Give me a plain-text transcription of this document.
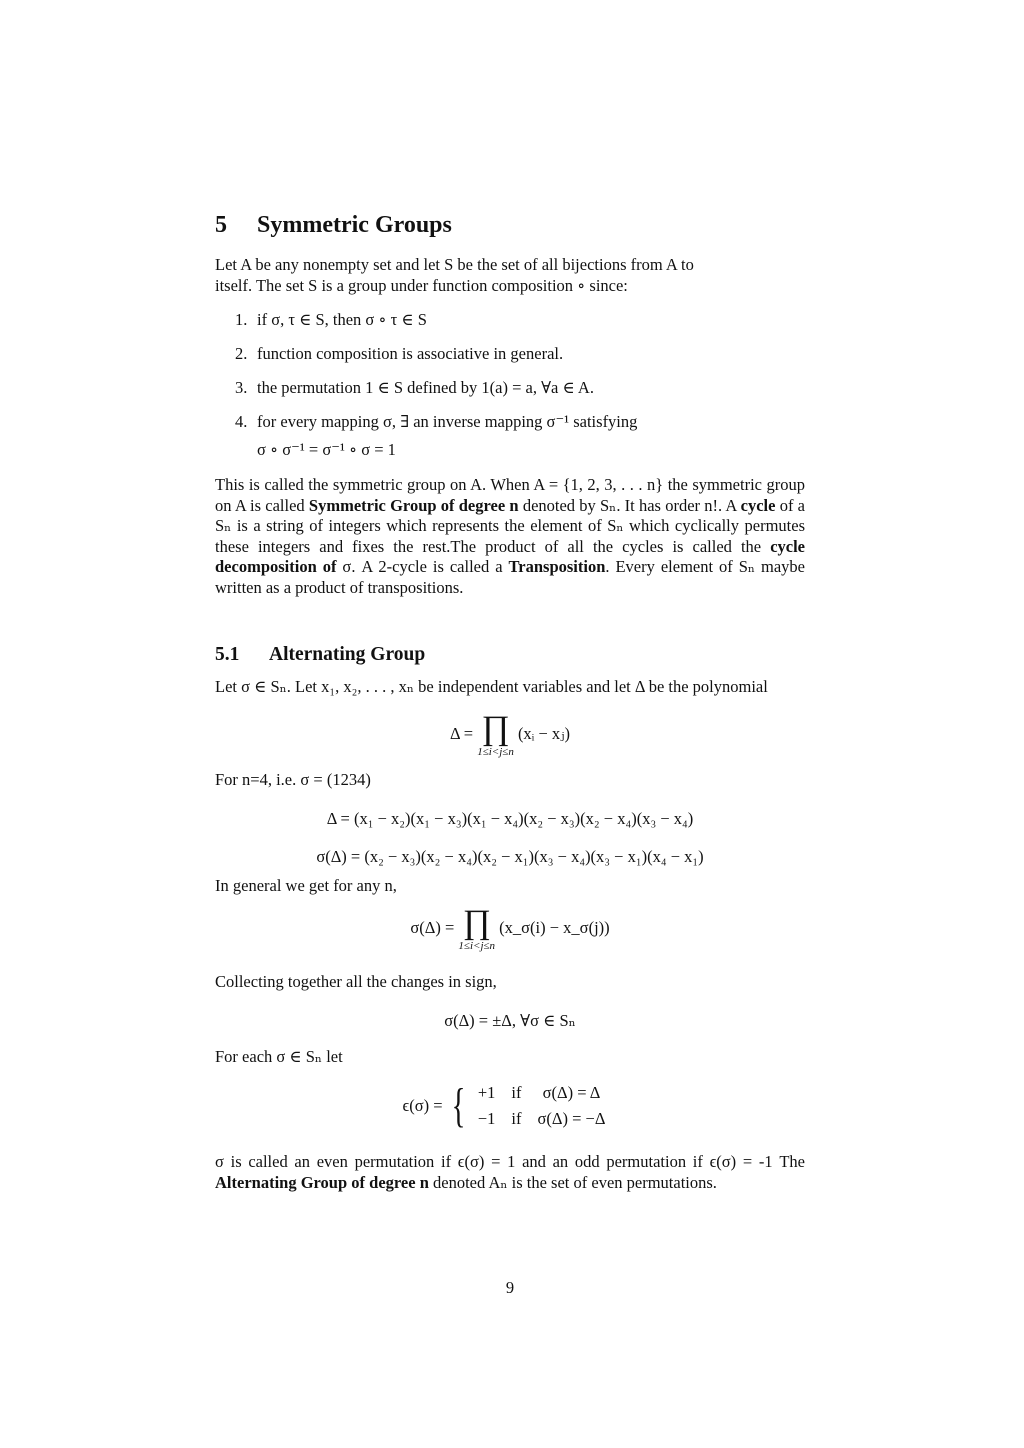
5 Symmetric Groups
Let A be any nonempty set and let S be the set of all bijections from A to
itself. The set S is a group under function composition ∘ since:
1. if σ, τ ∈ S, then σ ∘ τ ∈ S
2. function composition is associative in general.
3. the permutation 1 ∈ S defined by 1(a) = a, ∀a ∈ A.
4. for every mapping σ, ∃ an inverse mapping σ⁻¹ satisfying
σ ∘ σ⁻¹ = σ⁻¹ ∘ σ = 1
This is called the symmetric group on A. When A = {1, 2, 3, . . . n} the symmetric group on A is called Symmetric Group of degree n denoted by Sₙ. It has order n!. A cycle of a Sₙ is a string of integers which represents the element of Sₙ which cyclically permutes these integers and fixes the rest.The product of all the cycles is called the cycle decomposition of σ. A 2-cycle is called a Transposition. Every element of Sₙ maybe written as a product of transpositions.
5.1 Alternating Group
Let σ ∈ Sₙ. Let x₁, x₂, . . . , xₙ be independent variables and let Δ be the polynomial
Δ = ∏
1≤i<j≤n
(xᵢ − xⱼ)
For n=4, i.e. σ = (1234)
Δ = (x₁ − x₂)(x₁ − x₃)(x₁ − x₄)(x₂ − x₃)(x₂ − x₄)(x₃ − x₄)
σ(Δ) = (x₂ − x₃)(x₂ − x₄)(x₂ − x₁)(x₃ − x₄)(x₃ − x₁)(x₄ − x₁)
In general we get for any n,
σ(Δ) = ∏
1≤i<j≤n
(x_σ(i) − x_σ(j))
Collecting together all the changes in sign,
σ(Δ) = ±Δ, ∀σ ∈ Sₙ
For each σ ∈ Sₙ let
ϵ(σ) = { +1	if	σ(Δ) = Δ
−1	if	σ(Δ) = −Δ
σ is called an even permutation if ϵ(σ) = 1 and an odd permutation if ϵ(σ) = -1 The Alternating Group of degree n denoted Aₙ is the set of even permutations.
9
